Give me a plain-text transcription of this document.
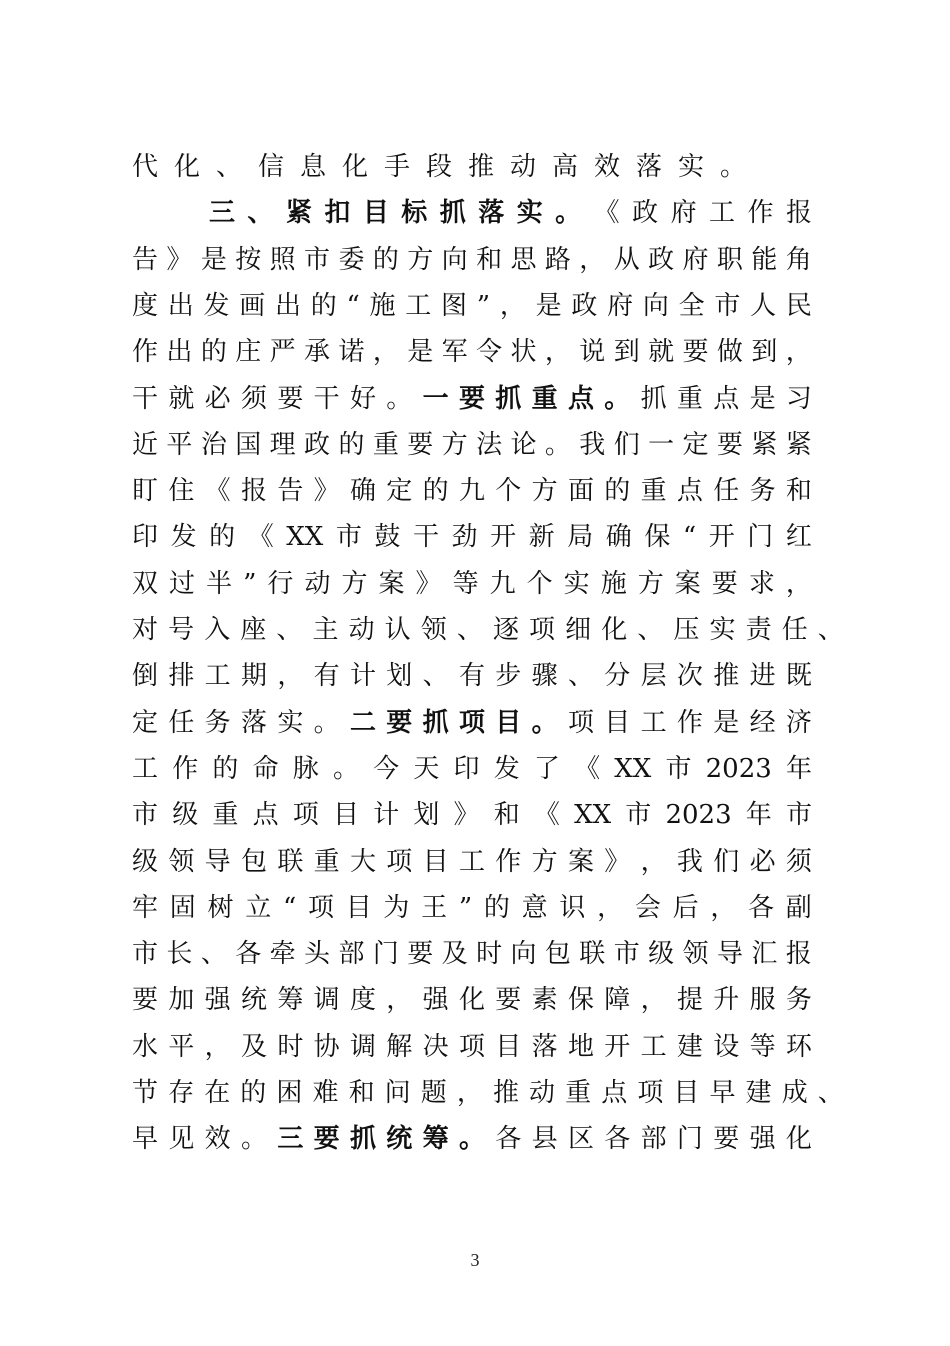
代化、信息化手段推动高效落实。

三 、 紧 扣 目 标 抓 落 实 。 《 政 府 工 作 报
告 》 是 按 照 市 委 的 方 向 和 思 路 ， 从 政 府 职 能 角
度 出 发 画 出 的 “ 施 工 图 ” ， 是 政 府 向 全 市 人 民
作 出 的 庄 严 承 诺 ， 是 军 令 状 ， 说 到 就 要 做 到 ，
干 就 必 须 要 干 好 。 一 要 抓 重 点 。 抓 重 点 是 习
近 平 治 国 理 政 的 重 要 方 法 论 。 我 们 一 定 要 紧 紧
盯 住 《 报 告 》 确 定 的 九 个 方 面 的 重 点 任 务 和
印 发 的 《 XX 市 鼓 干 劲 开 新 局 确 保 “ 开 门 红
双 过 半 ” 行 动 方 案 》 等 九 个 实 施 方 案 要 求 ，
对 号 入 座 、 主 动 认 领 、 逐 项 细 化 、 压 实 责 任 、
倒 排 工 期 ， 有 计 划 、 有 步 骤 、 分 层 次 推 进 既
定 任 务 落 实 。 二 要 抓 项 目 。 项 目 工 作 是 经 济
工 作 的 命 脉 。 今 天 印 发 了 《 XX 市 2023 年
市 级 重 点 项 目 计 划 》 和 《 XX 市 2023 年 市
级 领 导 包 联 重 大 项 目 工 作 方 案 》 ， 我 们 必 须
牢 固 树 立 “ 项 目 为 王 ” 的 意 识 ， 会 后 ， 各 副
市 长 、 各 牵 头 部 门 要 及 时 向 包 联 市 级 领 导 汇 报
要 加 强 统 筹 调 度 ， 强 化 要 素 保 障 ， 提 升 服 务
水 平 ， 及 时 协 调 解 决 项 目 落 地 开 工 建 设 等 环
节 存 在 的 困 难 和 问 题 ， 推 动 重 点 项 目 早 建 成 、
早 见 效 。 三 要 抓 统 筹 。 各 县 区 各 部 门 要 强 化
3
